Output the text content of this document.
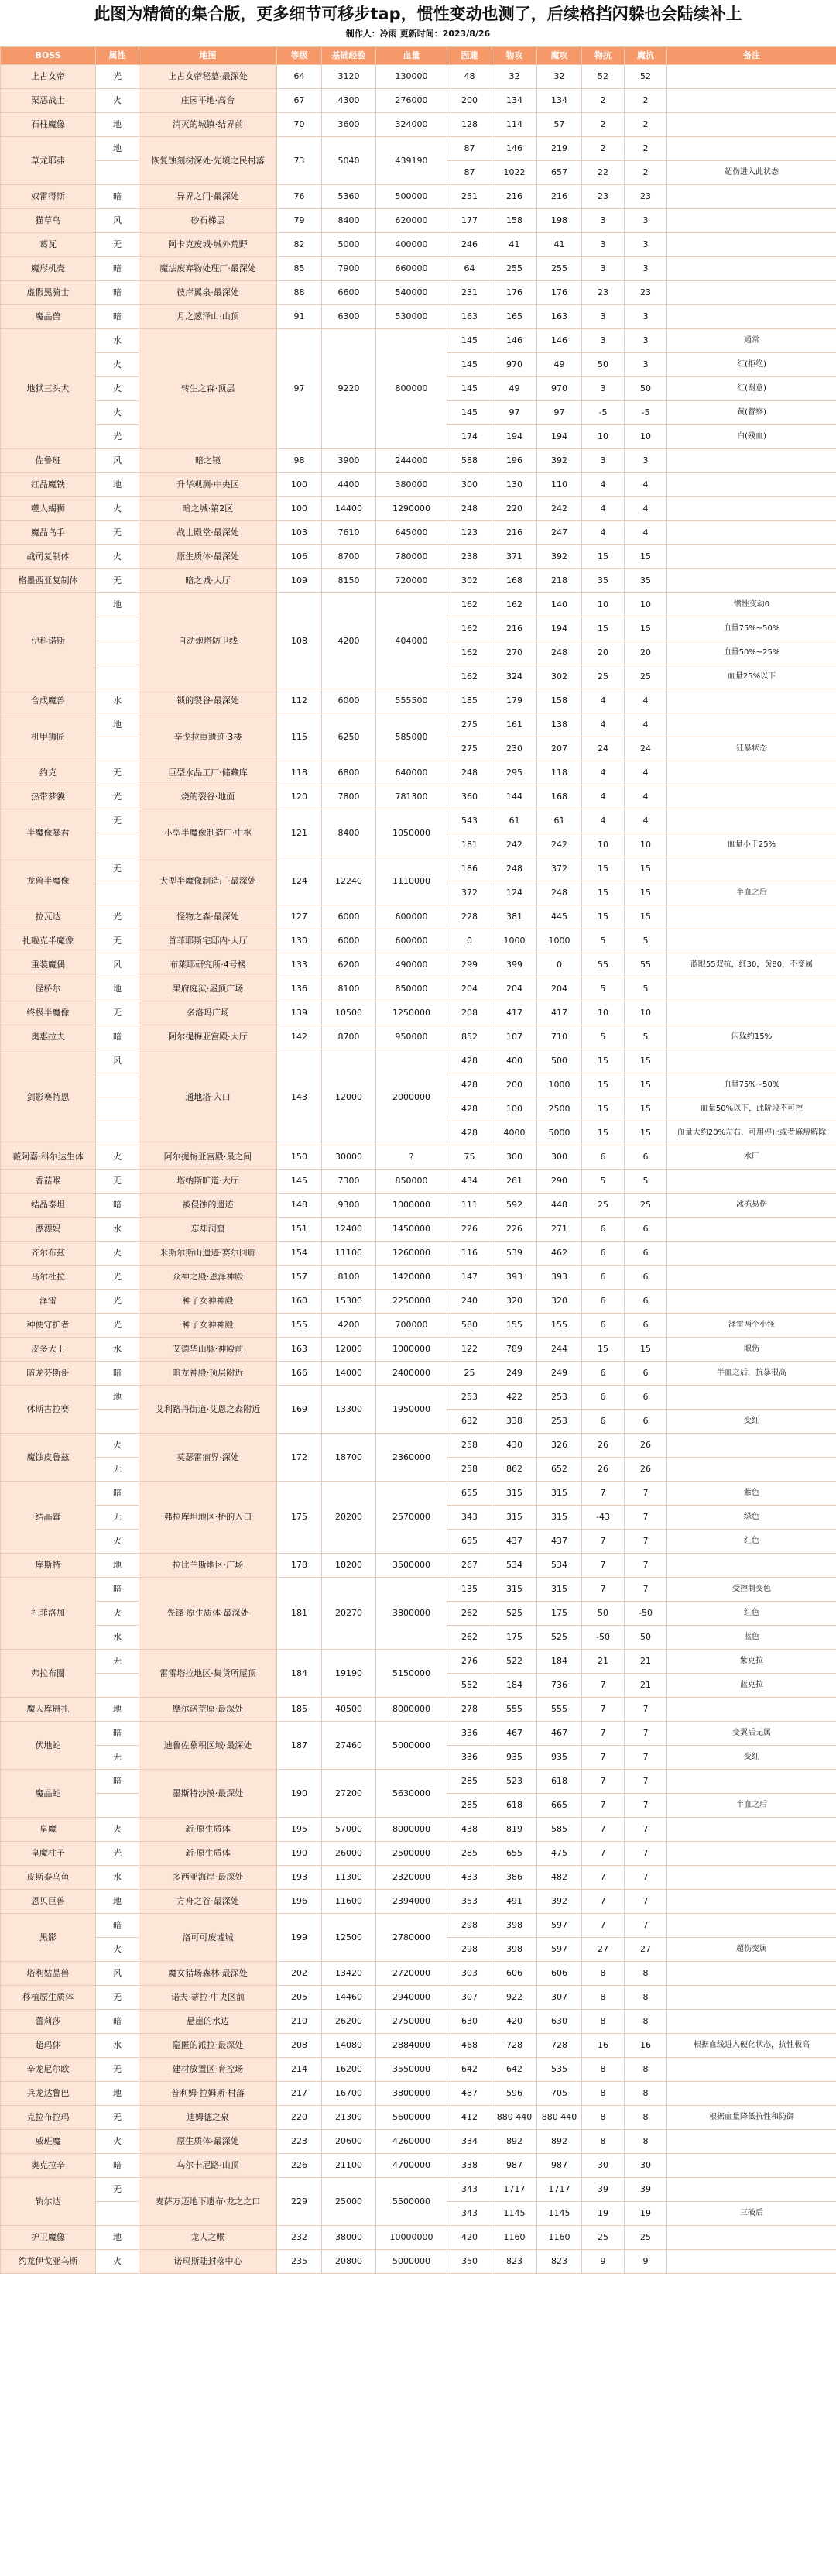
此图为精简的集合版，更多细节可移步tap，惯性变动也测了，后续格挡闪躲也会陆续补上
制作人：冷雨 更新时间：2023/8/26
BOSS	属性	地图	等级	基础经验	血量	固避	物攻	魔攻	物抗	魔抗	备注
上古女帝	光	上古女帝秘墓·最深处	64	3120	130000	48	32	32	52	52	
栗恶战士	火	庄园平地·高台	67	4300	276000	200	134	134	2	2	
石柱魔像	地	消灭的城镇·结界前	70	3600	324000	128	114	57	2	2	
草龙耶弗	地	恢复蚀刻树深处·先境之民村落	73	5040	439190	87	146	219	2	2	
						87	1022	657	22	2	超伤进入此状态
奴雷得斯	暗	异界之门·最深处	76	5360	500000	251	216	216	23	23	
猫草鸟	风	砂石梯层	79	8400	620000	177	158	198	3	3	
葛瓦	无	阿卡克废城·城外荒野	82	5000	400000	246	41	41	3	3	
魔形机壳	暗	魔法废弃物处理厂·最深处	85	7900	660000	64	255	255	3	3	
虚假黑骑士	暗	彼岸翼泉·最深处	88	6600	540000	231	176	176	23	23	
魔晶兽	暗	月之葱泽山·山顶	91	6300	530000	163	165	163	3	3	
地狱三头犬	水	转生之森·顶层	97	9220	800000	145	146	146	3	3	通常
	火					145	970	49	50	3	红(拒绝)
	火					145	49	970	3	50	红(谢意)
	火					145	97	97	-5	-5	黄(督察)
	光					174	194	194	10	10	白(残血)
佐鲁班	风	暗之镜	98	3900	244000	588	196	392	3	3	
红晶魔铁	地	升华观测·中央区	100	4400	380000	300	130	110	4	4	
噬人蝎狮	火	暗之城·第2区	100	14400	1290000	248	220	242	4	4	
魔晶鸟手	无	战士殿堂·最深处	103	7610	645000	123	216	247	4	4	
战司复制体	火	原生质体·最深处	106	8700	780000	238	371	392	15	15	
格墨西亚复制体	无	暗之城·大厅	109	8150	720000	302	168	218	35	35	
伊科诺斯	地	自动炮塔防卫线	108	4200	404000	162	162	140	10	10	惯性变动0
						162	216	194	15	15	血量75%~50%
						162	270	248	20	20	血量50%~25%
						162	324	302	25	25	血量25%以下
合成魔兽	水	锁的裂谷·最深处	112	6000	555500	185	179	158	4	4	
机甲狮匠	地	辛戈拉重遗迹·3楼	115	6250	585000	275	161	138	4	4	
						275	230	207	24	24	狂暴状态
约克	无	巨型水晶工厂·储藏库	118	6800	640000	248	295	118	4	4	
热带梦貘	光	烧的裂谷·地面	120	7800	781300	360	144	168	4	4	
半魔像暴君	无	小型半魔像制造厂·中枢	121	8400	1050000	543	61	61	4	4	
						181	242	242	10	10	血量小于25%
龙兽半魔像	无	大型半魔像制造厂·最深处	124	12240	1110000	186	248	372	15	15	
						372	124	248	15	15	半血之后
拉瓦达	光	怪物之森·最深处	127	6000	600000	228	381	445	15	15	
扎啦克半魔像	无	首菲耶斯宅邸内·大厅	130	6000	600000	0	1000	1000	5	5	
重装魔偶	风	布莱耶研究所·4号楼	133	6200	490000	299	399	0	55	55	蓝眼55双抗，红30，黄80，不变属
怪桥尔	地	果府庭狱·屋顶广场	136	8100	850000	204	204	204	5	5	
终极半魔像	无	多洛玛广场	139	10500	1250000	208	417	417	10	10	
奥惠拉夫	暗	阿尔提梅亚宫殿·大厅	142	8700	950000	852	107	710	5	5	闪躲约15%
剑影赛特恩	风	通地塔·入口	143	12000	2000000	428	400	500	15	15	
						428	200	1000	15	15	血量75%~50%
						428	100	2500	15	15	血量50%以下，此阶段不可控
						428	4000	5000	15	15	血量大约20%左右，可用停止或者麻痹解除
薇阿嘉·科尔达生体	火	阿尔提梅亚宫殿·最之间	150	30000	?	75	300	300	6	6	水厂
香菇喉	无	塔纳斯旷道·大厅	145	7300	850000	434	261	290	5	5	
结晶泰坦	暗	被侵蚀的遗迹	148	9300	1000000	111	592	448	25	25	冰冻易伤
漂漂妈	水	忘却洞窟	151	12400	1450000	226	226	271	6	6	
齐尔布兹	火	米斯尔斯山遗迹·赛尔回廊	154	11100	1260000	116	539	462	6	6	
马尔杜拉	光	众神之殿·恩泽神殿	157	8100	1420000	147	393	393	6	6	
泽雷	光	种子女神神殿	160	15300	2250000	240	320	320	6	6	
种便守护者	光	种子女神神殿	155	4200	700000	580	155	155	6	6	泽雷两个小怪
皮多大王	水	艾德华山脉·神殿前	163	12000	1000000	122	789	244	15	15	眼伤
暗龙芬斯哥	暗	暗龙神殿·顶层附近	166	14000	2400000	25	249	249	6	6	半血之后，抗暴很高
休斯古拉赛	地	艾利路丹街道·艾恩之森附近	169	13300	1950000	253	422	253	6	6	
						632	338	253	6	6	变红
魔蚀皮鲁兹	火	莫瑟雷瘤界·深处	172	18700	2360000	258	430	326	26	26	
	无					258	862	652	26	26	
结晶蠹	暗	弗拉库坦地区·桥的入口	175	20200	2570000	655	315	315	7	7	紫色
	无					343	315	315	-43	7	绿色
	火					655	437	437	7	7	红色
库斯特	地	拉比兰斯地区·广场	178	18200	3500000	267	534	534	7	7	
扎菲洛加	暗	先锋·原生质体·最深处	181	20270	3800000	135	315	315	7	7	受控制变色
	火					262	525	175	50	-50	红色
	水					262	175	525	-50	50	蓝色
弗拉布圈	无	雷雷塔拉地区·集货所屋顶	184	19190	5150000	276	522	184	21	21	紫克拉
						552	184	736	7	21	蓝克拉
魔人库珊扎	地	摩尔诺荒原·最深处	185	40500	8000000	278	555	555	7	7	
伏地蛇	暗	迪鲁佐慕积区域·最深处	187	27460	5000000	336	467	467	7	7	变翼后无属
	无					336	935	935	7	7	变红
魔晶蛇	暗	墨斯特沙漠·最深处	190	27200	5630000	285	523	618	7	7	
						285	618	665	7	7	半血之后
皇魔	火	新·原生质体	195	57000	8000000	438	819	585	7	7	
皇魔柱子	光	新·原生质体	190	26000	2500000	285	655	475	7	7	
皮斯泰乌鱼	水	多西亚海岸·最深处	193	11300	2320000	433	386	482	7	7	
恩贝巨兽	地	方舟之谷·最深处	196	11600	2394000	353	491	392	7	7	
黑影	暗	洛可可废墟城	199	12500	2780000	298	398	597	7	7	
	火					298	398	597	27	27	超伤变属
塔利姑晶兽	风	魔女猎场森林·最深处	202	13420	2720000	303	606	606	8	8	
移植原生质体	无	诺夫·蒂拉·中央区前	205	14460	2940000	307	922	307	8	8	
蕾莉莎	暗	悬崖的水边	210	26200	2750000	630	420	630	8	8	
超玛休	水	隐匿的派拉·最深处	208	14080	2884000	468	728	728	16	16	根据血线进入硬化状态，抗性极高
辛龙尼尔欧	无	建材放置区·育控场	214	16200	3550000	642	642	535	8	8	
兵龙达鲁巴	地	普利姆·拉姆斯·村落	217	16700	3800000	487	596	705	8	8	
克拉布拉玛	无	迪姆德之泉	220	21300	5600000	412	880 440	880 440	8	8	根据血量降低抗性和防御
威班魔	火	原生质体·最深处	223	20600	4260000	334	892	892	8	8	
奥克拉辛	暗	乌尔卡尼路·山顶	226	21100	4700000	338	987	987	30	30	
轨尔达	无	麦萨万迈地下遗布·龙之之口	229	25000	5500000	343	1717	1717	39	39	
						343	1145	1145	19	19	三破后
护卫魔像	地	龙人之喉	232	38000	10000000	420	1160	1160	25	25	
约龙伊戈亚乌斯	火	诺玛斯陆封落中心	235	20800	5000000	350	823	823	9	9	
